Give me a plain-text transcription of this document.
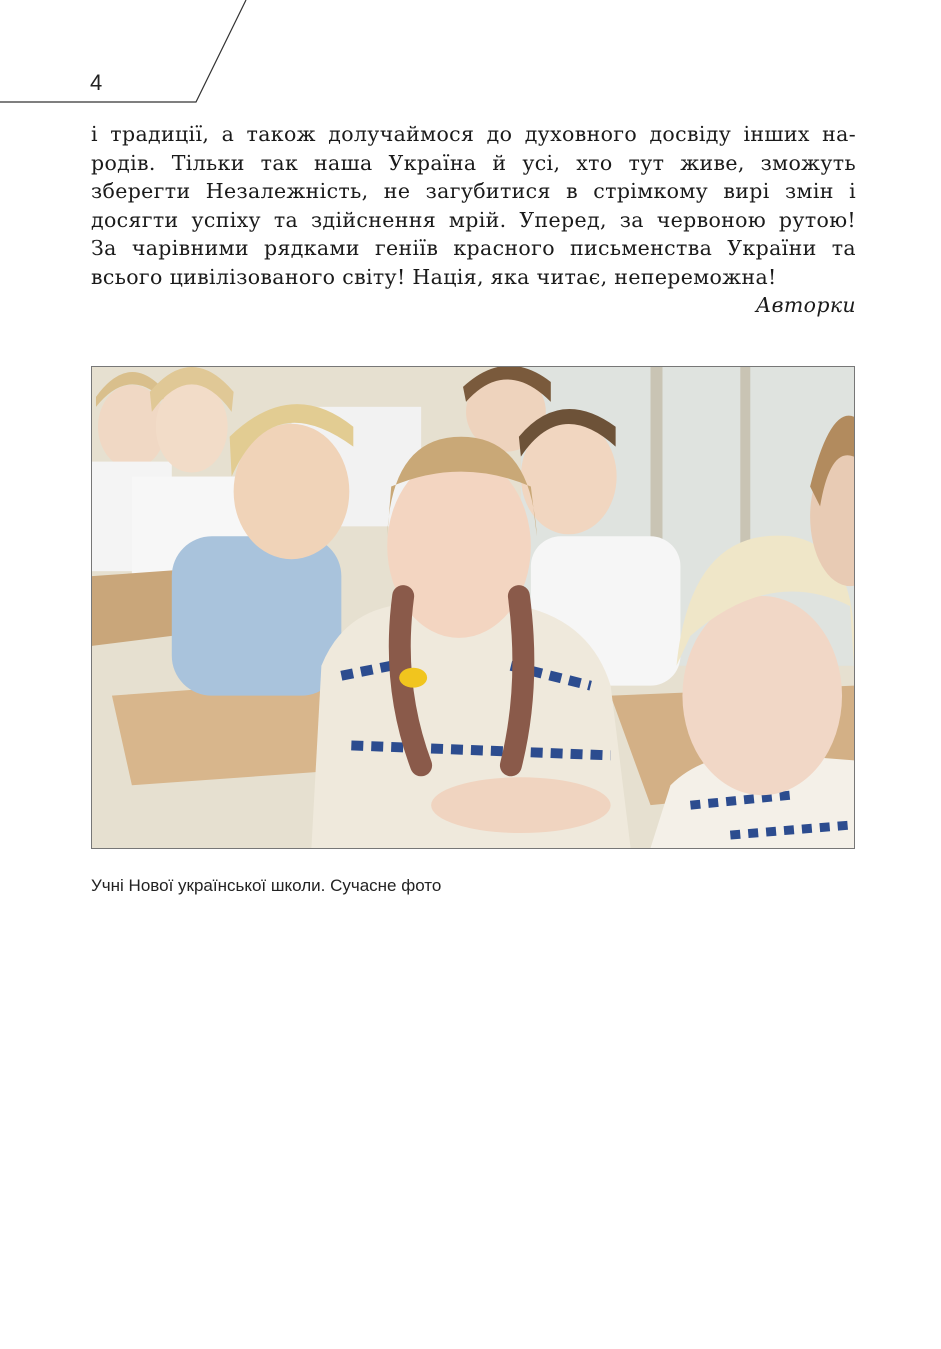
4
і традиції, а також долучаймося до духовного досвіду інших на-
родів. Тільки так наша Україна й усі, хто тут живе, зможуть
зберегти Незалежність, не загубитися в стрімкому вирі змін і
досягти успіху та здійснення мрій. Уперед, за червоною рутою!
За чарівними рядками геніїв красного письменства України та
всього цивілізованого світу! Нація, яка читає, непереможна!
Авторки
Учні Нової української школи. Сучасне фото
